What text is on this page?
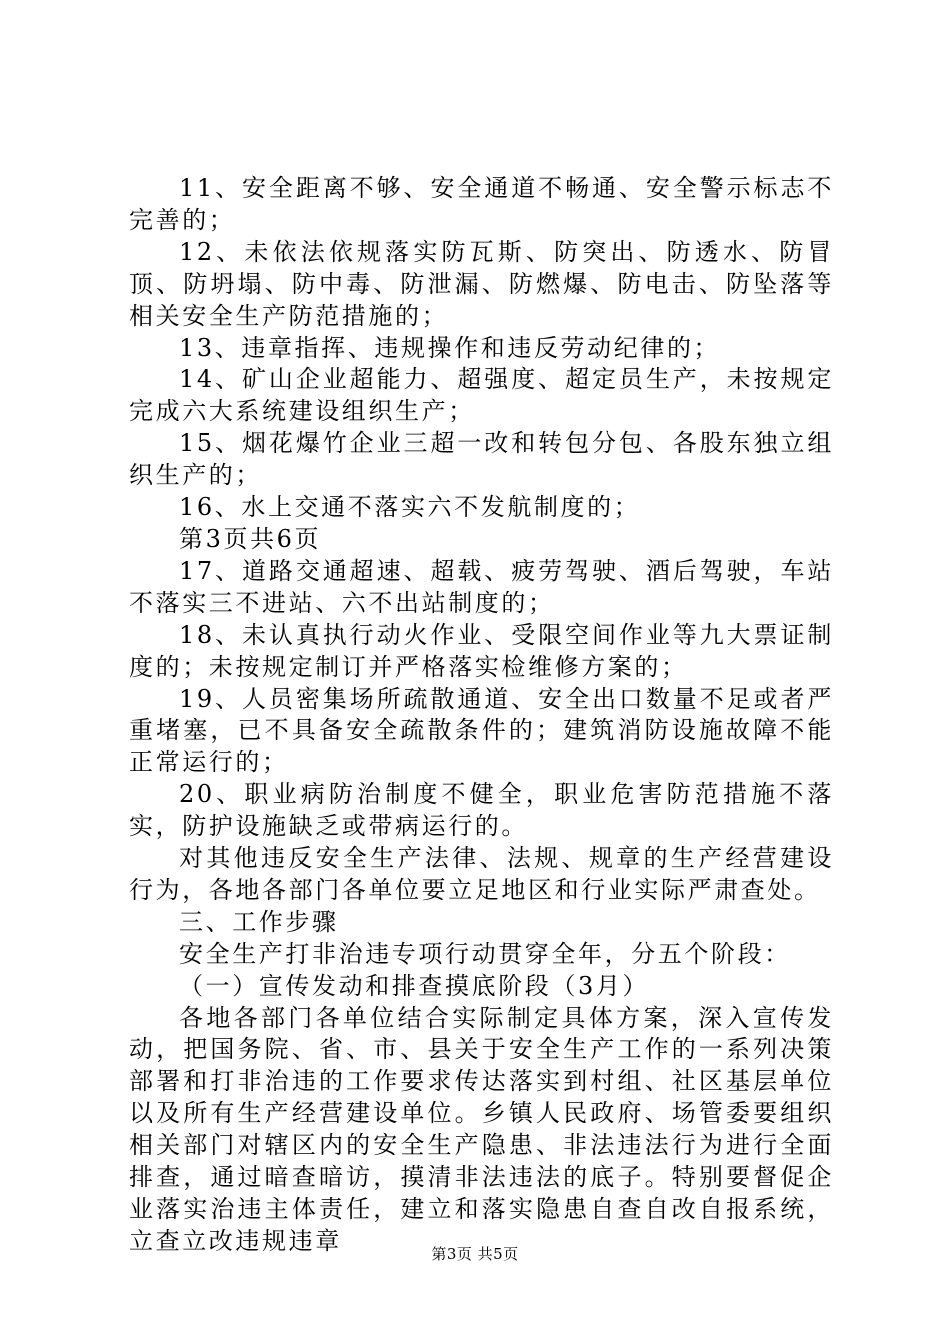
11、安全距离不够、安全通道不畅通、安全警示标志不完善的；

12、未依法依规落实防瓦斯、防突出、防透水、防冒顶、防坍塌、防中毒、防泄漏、防燃爆、防电击、防坠落等相关安全生产防范措施的；

13、违章指挥、违规操作和违反劳动纪律的；

14、矿山企业超能力、超强度、超定员生产，未按规定完成六大系统建设组织生产；

15、烟花爆竹企业三超一改和转包分包、各股东独立组织生产的；

16、水上交通不落实六不发航制度的；

第3页共6页

17、道路交通超速、超载、疲劳驾驶、酒后驾驶，车站不落实三不进站、六不出站制度的；

18、未认真执行动火作业、受限空间作业等九大票证制度的；未按规定制订并严格落实检维修方案的；

19、人员密集场所疏散通道、安全出口数量不足或者严重堵塞，已不具备安全疏散条件的；建筑消防设施故障不能正常运行的；

20、职业病防治制度不健全，职业危害防范措施不落实，防护设施缺乏或带病运行的。

对其他违反安全生产法律、法规、规章的生产经营建设行为，各地各部门各单位要立足地区和行业实际严肃查处。

三、工作步骤

安全生产打非治违专项行动贯穿全年，分五个阶段：

（一）宣传发动和排查摸底阶段（3月）

各地各部门各单位结合实际制定具体方案，深入宣传发动，把国务院、省、市、县关于安全生产工作的一系列决策部署和打非治违的工作要求传达落实到村组、社区基层单位以及所有生产经营建设单位。乡镇人民政府、场管委要组织相关部门对辖区内的安全生产隐患、非法违法行为进行全面排查，通过暗查暗访，摸清非法违法的底子。特别要督促企业落实治违主体责任，建立和落实隐患自查自改自报系统，立查立改违规违章	第3页 共5页
